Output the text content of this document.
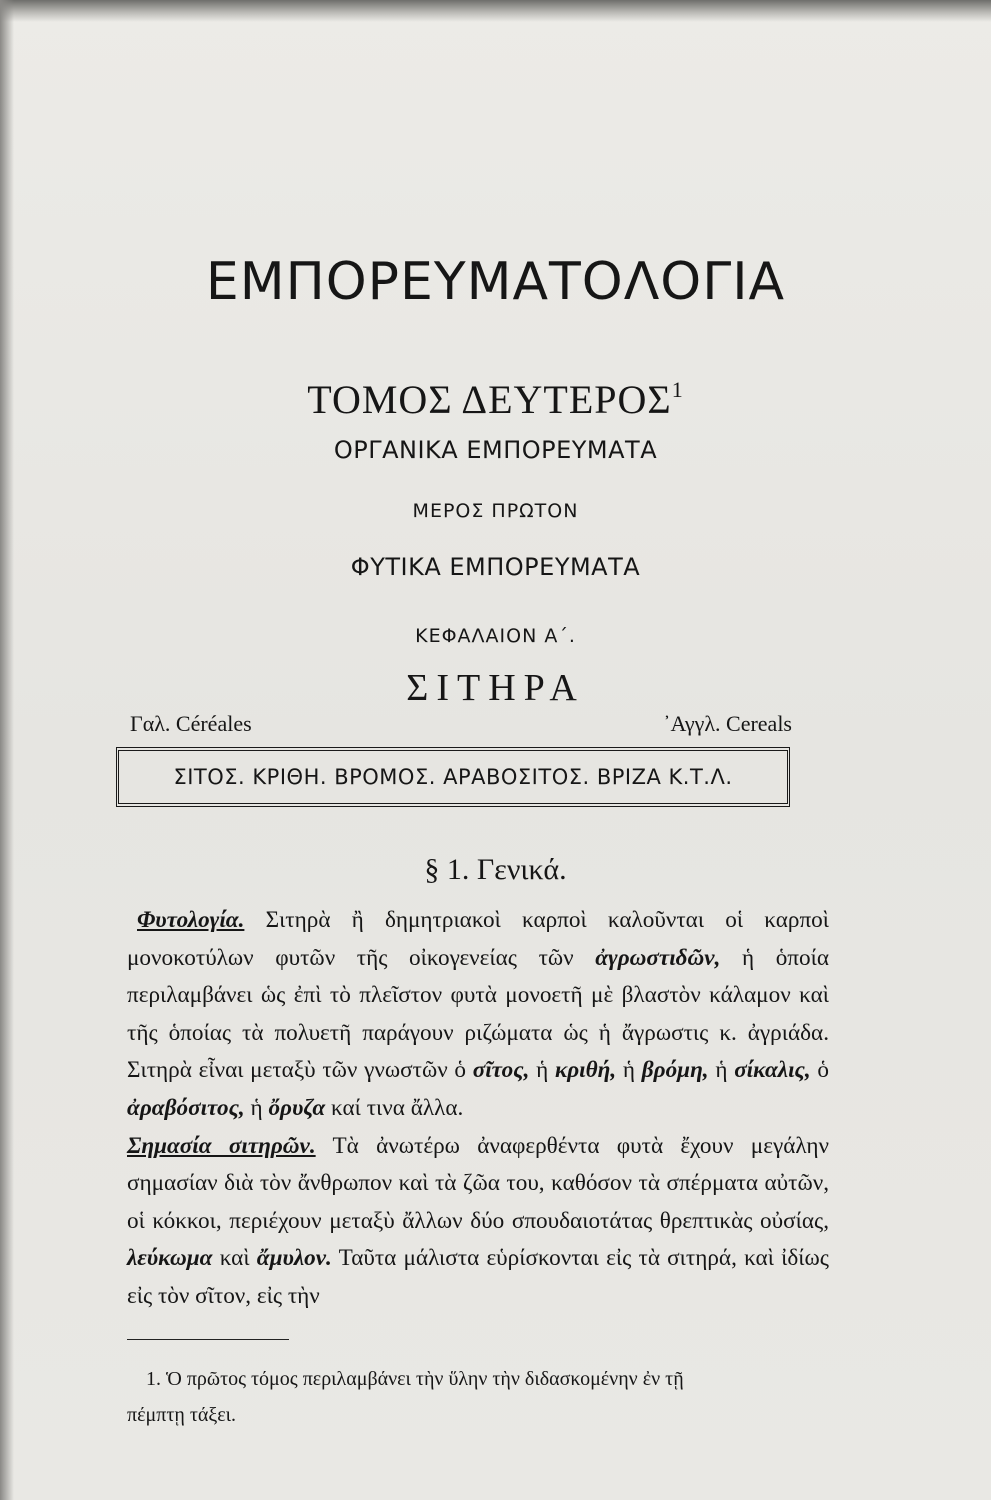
ΕΜΠΟΡΕΥΜΑΤΟΛΟΓΙΑ
ΤΟΜΟΣ ΔΕΥΤΕΡΟΣ$^1$
ΟΡΓΑΝΙΚΑ ΕΜΠΟΡΕΥΜΑΤΑ
ΜΕΡΟΣ ΠΡΩΤΟΝ
ΦΥΤΙΚΑ ΕΜΠΟΡΕΥΜΑΤΑ
ΚΕΦΑΛΑΙΟΝ Α΄.
ΣΙΤΗΡΑ
Γαλ. Céréales	᾿Αγγλ. Cereals
ΣΙΤΟΣ. ΚΡΙΘΗ. ΒΡΟΜΟΣ. ΑΡΑΒΟΣΙΤΟΣ. ΒΡΙΖΑ Κ.Τ.Λ.
§ 1. Γενικά.

Φυτολογία. Σιτηρὰ ἢ δημητριακοὶ καρποὶ καλοῦνται οἱ καρποὶ μονοκοτύλων φυτῶν τῆς οἰκογενείας τῶν ἀγρωστιδῶν, ἡ ὁποία περιλαμβάνει ὡς ἐπὶ τὸ πλεῖστον φυτὰ μονοετῆ μὲ βλαστὸν κάλαμον καὶ τῆς ὁποίας τὰ πολυετῆ παράγουν ριζώματα ὡς ἡ ἄγρωστις κ. ἀγριάδα. Σιτηρὰ εἶναι μεταξὺ τῶν γνωστῶν ὁ σῖτος, ἡ κριθή, ἡ βρόμη, ἡ σίκαλις, ὁ ἀραβόσιτος, ἡ ὄρυζα καί τινα ἄλλα.

Σημασία σιτηρῶν. Τὰ ἀνωτέρω ἀναφερθέντα φυτὰ ἔχουν μεγάλην σημασίαν διὰ τὸν ἄνθρωπον καὶ τὰ ζῶα του, καθόσον τὰ σπέρματα αὐτῶν, οἱ κόκκοι, περιέχουν μεταξὺ ἄλλων δύο σπουδαιοτάτας θρεπτικὰς οὐσίας, λεύκωμα καὶ ἄμυλον. Ταῦτα μάλιστα εὑρίσκονται εἰς τὰ σιτηρά, καὶ ἰδίως εἰς τὸν σῖτον, εἰς τὴν

1. Ὁ πρῶτος τόμος περιλαμβάνει τὴν ὕλην τὴν διδασκομένην ἐν τῇ
πέμπτῃ τάξει.
